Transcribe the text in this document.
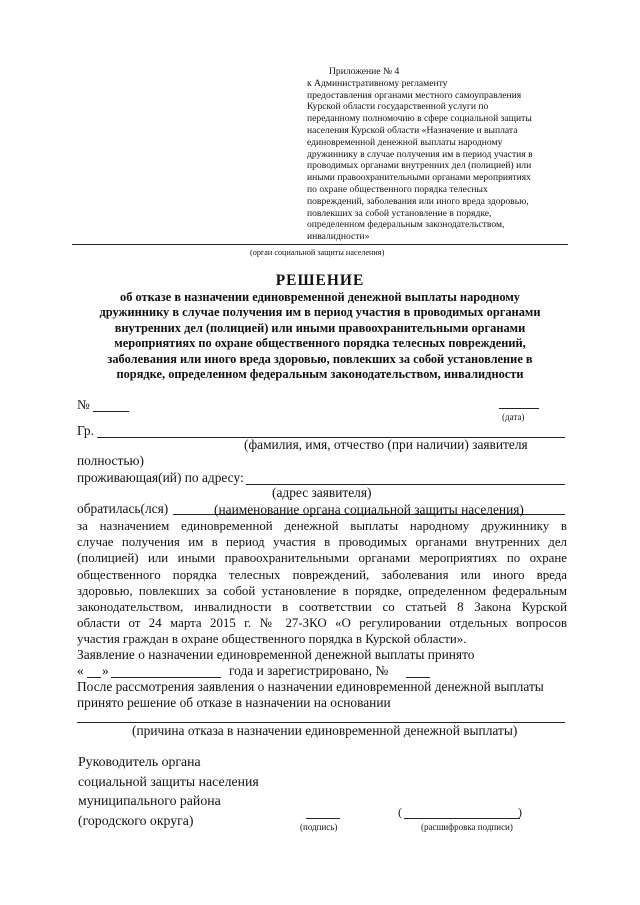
Приложение № 4
к Административному регламенту
предоставления органами местного самоуправления
Курской области государственной услуги по
переданному полномочию в сфере социальной защиты
населения Курской области «Назначение и выплата
единовременной денежной выплаты народному
дружиннику в случае получения им в период участия в
проводимых органами внутренних дел (полицией) или
иными правоохранительными органами мероприятиях
по охране общественного порядка телесных
повреждений, заболевания или иного вреда здоровью,
повлекших за собой установление в порядке,
определенном федеральным законодательством,
инвалидности»
(орган социальной защиты населения)
РЕШЕНИЕ
об отказе в назначении единовременной денежной выплаты народному
дружиннику в случае получения им в период участия в проводимых органами
внутренних дел (полицией) или иными правоохранительными органами
мероприятиях по охране общественного порядка телесных повреждений,
заболевания или иного вреда здоровью, повлекших за собой установление в
порядке, определенном федеральным законодательством, инвалидности
№
(дата)
Гр.
(фамилия, имя, отчество (при наличии) заявителя
полностью)
проживающая(ий) по адресу:
(адрес заявителя)
обратилась(лся)	(наименование органа социальной защиты населения)
за назначением единовременной денежной выплаты народному дружиннику в
случае получения им в период участия в проводимых органами внутренних дел
(полицией) или иными правоохранительными органами мероприятиях по охране
общественного порядка телесных повреждений, заболевания или иного вреда
здоровью, повлекших за собой установление в порядке, определенном федеральным
законодательством, инвалидности в соответствии со статьей 8 Закона Курской
области от 24 марта 2015 г. № 27-ЗКО «О регулировании отдельных вопросов
участия граждан в охране общественного порядка в Курской области».
Заявление о назначении единовременной денежной выплаты принято
« »	года и зарегистрировано, №
После рассмотрения заявления о назначении единовременной денежной выплаты
принято решение об отказе в назначении на основании
(причина отказа в назначении единовременной денежной выплаты)
Руководитель органа
социальной защиты населения
муниципального района
(городского округа)	(подпись)
(	)
(расшифровка подписи)
